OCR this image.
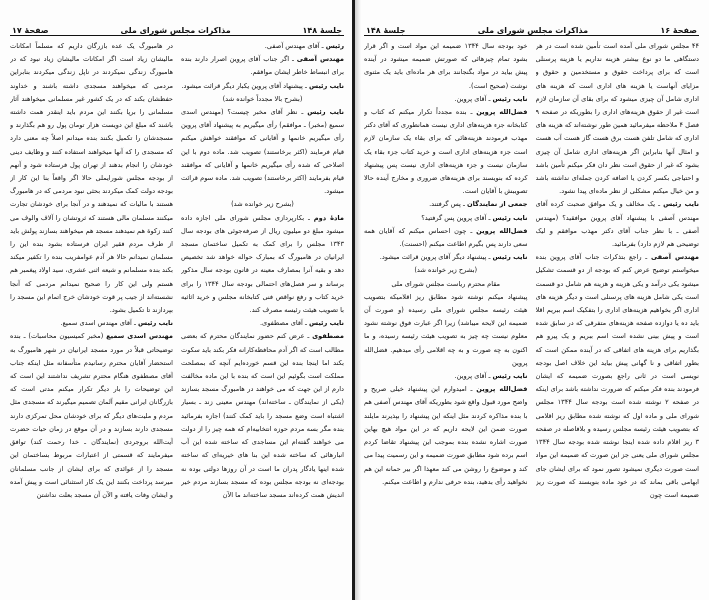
جلسهٔ ۱۴۸
مذاکرات مجلس شورای ملی
صفحهٔ ۱۷
رئیس ـ آقای مهندس آصفی.
مهندس آصفی ـ اگر جناب آقای پروین اصرار دارند بنده برای انبساط خاطر ایشان موافقم.
نایب رئیس ـ پیشنهاد آقای پروین یکبار دیگر قرائت میشود.
(بشرح بالا مجدداً خوانده شد)
نایب رئیس ـ نظر آقای مخبر چیست؟ (مهندس اسدی سمیع (مخبر) ـ موافقم) رأی میگیریم به پیشنهاد آقای پروین رأی میگیریم خانمها و آقایانی که موافقند خواهش میکنم قیام فرمایند (اکثر برخاستند) تصویب شد. ماده دوم با این اصلاحی که شده رأی میگیریم خانمها و آقایانی که موافقند قیام بفرمایند (اکثر برخاستند) تصویب شد. ماده سوم قرائت میشود.
(بشرح زیر خوانده شد)
مادهٔ دوم ـ بکارپردازی مجلس شورای ملی اجازه داده میشود مبلغ دو میلیون ریال از صرفه‌جوئی های بودجه سال ۱۳۴۳ مجلس را برای کمک به تکمیل ساختمان مسجد ایرانیان در هامبورگ که بمبارک حواله خواهد شد تخصیص دهد و بقیه آنرا بمصارف معینه در قانون بودجه سال مذکور برساند و سر فصل‌های احتمالی بودجه سال ۱۳۴۴ را برای خرید کتاب و رفع نواقص فنی کتابخانه مجلس و خرید اثاثیه با تصویب هیئت رئیسه مصرف کند.
نایب رئیس ـ آقای مصطفوی.
مصطفوی ـ عرض کنم حضور نمایندگان محترم که بعضی مطالب است که اگر آدم محافظه‌کارانه فکر بکند باید سکوت بکند اما اینجا بنده این قسم خورده‌ایم آنچه که بمصلحت مملکت است بگوئیم این است که بنده با این ماده مخالفت دارم از این جهت که می خواهند در هامبورگ مسجد بسازند (یکی از نمایندگان ـ ساخته‌اند) مهندس معینی زند ـ بسیار اشتباه است وضع مسجد را باید کمک کنند) اجازه بفرمائید بنده مگر بسه مردم حوزه انتخابیه‌ام که همه چیز را از دولت می خواهند گفته‌ام این مساجدی که ساخته شده این آب انبارهائی که ساخته شده این بنا های خیریه‌ای که ساخته شده اینها یادگار پدران ما است در آن روزها دولتی بوده نه بودجه‌ای نه بودجه مجلس بوده که مسجد بسازند مردم خیر اندیش همت کرده‌اند مسجد ساخته‌اند ما الآن
در هامبورگ یک عده بازرگان داریم که مسلماً امکانات مالیشان زیاد است اگر امکانات مالیشان زیاد نبود که در هامبورگ زندگی نمیکردند در ناپل زندگی میکردند بنابراین مردمی که میخواهند مسجدی داشته باشند و خداوند حفظشان بکند که در یک کشور غیر مسلمانی میخواهند آثار مسلمانی را برپا بکنند این مردم باید اینقدر همت داشته باشند که مبلغ این دویست هزار تومان پول رو هم بگذارند و مسجدشان را تکمیل بکنند بنده میدانم اصلاً چه معنی دارد که مسجدی را که آنها میخواهند استفاده کنند و وظایف دینی خودشان را انجام بدهند از تهران پول فرستاده شود و آنهم از بودجه مجلس شورایملی حالا اگر واقعاً بنا این کار از بودجه دولت کمک میکردند بحثی نبود مردمی که در هامبورگ هستند با مالیات که نمیدهند و در آنجا برای خودشان تجارت میکنند مسلمان مالی هستند که ثروتشان را آلاف والوف می کنند زکوة هم نمیدهند مسجد هم میخواهند بسازند پولش باید از طرف مردم فقیر ایران فرستاده بشود بنده این را مسلمان نمیدانم حالا هر آدم عوامفریب بنده را تکفیر میکند بکند بنده مسلمانم و شیعه اثنی عشری، سید اولاد پیغمبر هم هستم ولی این کار را صحیح نمیدانم مردمی که آنجا نشسته‌اند از جیب پر قوت خودشان خرج اتمام این مسجد را بپردازند تا تکمیل بشود.
نایب رئیس ـ آقای مهندس اسدی سمیع.
مهندس اسدی سمیع (مخبر کمیسیون محاسبات) ـ بنده توضیحاتی قبلاً در مورد مسجد ایرانیان در شهر هامبورگ به استحضار آقایان محترم رسانیدم متأسفانه مثل اینکه جناب آقای مصطفوی هنگام محترم تشریف نداشتند این است که این توضیحات را بار دیگر تکرار میکنم مدتی است که بازرگانان ایرانی مقیم آلمان تصمیم میگیرند که مسجدی مثل مردم و ملیت‌های دیگر که برای خودشان محل تمرکزی دارند مسجدی دارند بسازند و در آن موقع در زمان حیات حضرت آیت‌الله بروجردی (نمایندگان ـ خدا رحمت کند) توافق میفرمایند که قسمتی از اعتبارات مربوط بساختمان این مسجد را از عوائدی که برای ایشان از جانب مسلمانان میرسد پرداخت بکنند این یک کار استثنائی است و پیش آمده و ایشان وفات یافته و الآن آن مسجد بعلت نداشتن
صفحهٔ ۱۶
مذاکرات مجلس شورای ملی
جلسهٔ ۱۴۸
۴۴ مجلس شورای ملی آمده است تأمین شده است در هر دستگاهی ما دو نوع بیشتر هزینه نداریم یا هزینه پرسنلی است که برای پرداخت حقوق و مستخدمین و حقوق و مزایای آنهاست یا هزینه های اداری است که هزینه های اداری شامل آن چیزی میشود که برای بقای آن سازمان لازم است غیر از حقوق هزینه‌های اداری را بطوریکه در صفحه ۹ فصل ۴ ملاحظه میفرمائید همین طور نوشته‌اند که هزینه های اداری که شامل تلفن هست برق هست گاز هست آب هست و امثال آنها بنابراین اگر هزینه‌های اداری شامل آن چیزی بشود که غیر از حقوق است نظر دان فکر میکنم تأمین باشد و احتیاجی بکسر کردن یا اضافه کردن جمله‌ای نداشته باشد و من خیال میکنم مشکلی از نظر ماده‌ای پیدا نشود.
نایب رئیس ـ یک مخالف و یک موافق صحبت کرده آقای مهندس آصفی با پیشنهاد آقای پروین موافقید؟ (مهندس آصفی ـ با نظر جناب آقای دکتر مهذب موافقم و لیک توضیحی هم لازم دارد) بفرمائید.
مهندس آصفی ـ راجع بتذکرات جناب آقای پروین بنده میخواستم توضیح عرض کنم که بودجه از دو قسمت تشکیل میشود یکی درآمد و یکی هزینه و هزینه هم شامل دو قسمت است یکی شامل هزینه های پرسنلی است و دیگر هزینه های اداری اگر بخواهیم هزینه‌های اداری را بتفکیک اسم ببریم اقلا باید ده یا دوازده صفحه هزینه‌های متفرقی که در سابق شده است و پیش بینی نشده است اسم ببریم و یک پیرو هم بگذاریم برای هزینه های اتفاقی که در آینده ممکن است که بطور اتفاقی و نا گهانی پیش بیاید این خلاف اصل بودجه نویسی است در ثانی راجع بصورت ضمیمه که ایشان فرمودند بنده فکر میکنم که ضرورت نداشته باشد برای اینکه در صفحه ۲ نوشته شده است بودجه سال ۱۳۴۴ مجلس شورای ملی و ماده اول که نوشته شده مطابق ریز اقلامی که بتصویب هیئت رئیسه مجلس رسیده و بلافاصله در صفحه ۳ ریز اقلام داده شده اینجا نوشته شده بودجه سال ۱۳۴۴ مجلس شورای ملی یعنی جز این صورت که ضمیمه این مواد است صورت دیگری نمیشود تصور نمود که برای ایشان جای ابهامی باقی بماند که در خود ماده بنویسند که صورت ریز ضمیمه است چون
خود بودجه سال ۱۳۴۴ ضمیمه این مواد است و اگر قرار بشود تمام چیزهائی که صورتش ضمیمه میشود در آینده پیش بیاید در مواد بگنجانند برای هر ماده‌ای باید یک مثنوی نوشت (صحیح است).
نایب رئیس ـ آقای پروین.
فضل‌الله پروین ـ بنده مجدداً تکرار میکنم که کتاب و کتابخانه جزء هزینه‌های اداری نیست همانطوری که آقای دکتر مهذب فرمودند هزینه‌هائی که برای بقاء یک سازمان لازم است جزء هزینه‌های اداری است و خرید کتاب جزء بقاء یک سازمان نیست و جزء هزینه‌های اداری نیست پس پیشنهاد کرده که بنویسند برای هزینه‌های ضروری و مخارج آینده حالا تصویبش با آقایان است.
جمعی از نمایندگان ـ پس گرفتند.
نایب رئیس ـ آقای پروین پس گرفتید؟
فضل‌الله پروین ـ چون احساس میکنم که آقایان همه سعی دارند پس بگیرم اطاعت میکنم (احسنت).
نایب رئیس ـ پیشنهاد دیگر آقای پروین قرائت میشود.
(بشرح زیر خوانده شد)
مقام محترم ریاست مجلس شورای ملی
پیشنهاد میکنم نوشته شود مطابق ریز اقلامیکه بتصویب هیئت رئیسه مجلس شورای ملی رسیده (و صورت آن ضمیمه این لایحه میباشد) زیرا اگر عبارت فوق نوشته نشود معلوم نیست چه چیز به تصویب هیئت رئیسه رسیده، و ما اکنون به چه صورت و به چه اقلامی رأی میدهیم. فضل‌الله پروین
نایب رئیس ـ آقای پروین.
فضل‌الله پروین ـ امیدوارم این پیشنهاد خیلی صریح و واضح مورد قبول واقع شود بطوریکه آقای مهندس آصفی هم با بنده مذاکره کردند مثل اینکه این پیشنهاد را بپذیرند مایلند صورت ضمن این لایحه داریم که در این مواد هیچ بهاین صورت اشاره نشده بنده بموجب این پیشنهاد تقاضا کردم اسم برده شود مطابق صورت ضمیمه و این رسمیت پیدا می کند و موضوع را روشن می کند معهذا اگر بیر حمانه این هم نخواهید رأی بدهید، بنده حرفی ندارم و اطاعت میکنم.
